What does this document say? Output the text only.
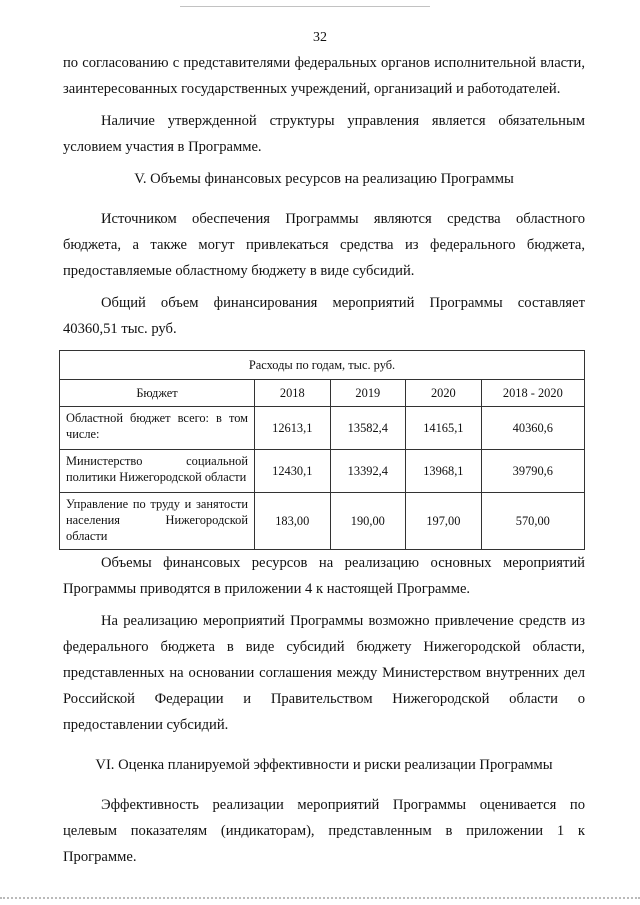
32

по согласованию с представителями федеральных органов исполнительной власти, заинтересованных государственных учреждений, организаций и работодателей.

Наличие утвержденной структуры управления является обязательным условием участия в Программе.

V. Объемы финансовых ресурсов на реализацию Программы

Источником обеспечения Программы являются средства областного бюджета, а также могут привлекаться средства из федерального бюджета, предоставляемые областному бюджету в виде субсидий.

Общий объем финансирования мероприятий Программы составляет 40360,51 тыс. руб.

Расходы по годам, тыс. руб.				
Бюджет	2018	2019	2020	2018 - 2020
Областной бюджет всего: в том числе:	12613,1	13582,4	14165,1	40360,6
Министерство социальной политики Нижегородской области	12430,1	13392,4	13968,1	39790,6
Управление по труду и занятости населения Нижегородской области	183,00	190,00	197,00	570,00

Объемы финансовых ресурсов на реализацию основных мероприятий Программы приводятся в приложении 4 к настоящей Программе.

На реализацию мероприятий Программы возможно привлечение средств из федерального бюджета в виде субсидий бюджету Нижегородской области, представленных на основании соглашения между Министерством внутренних дел Российской Федерации и Правительством Нижегородской области о предоставлении субсидий.

VI. Оценка планируемой эффективности и риски реализации Программы

Эффективность реализации мероприятий Программы оценивается по целевым показателям (индикаторам), представленным в приложении 1 к Программе.
